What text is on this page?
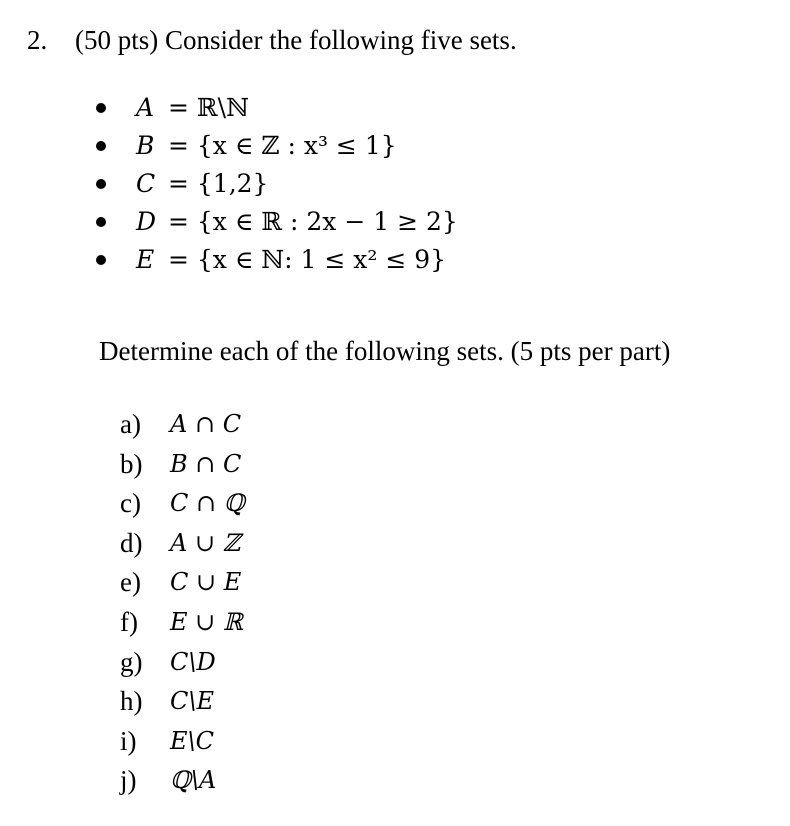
2. (50 pts) Consider the following five sets.
A = ℝ\ℕ
B = {x ∈ ℤ : x³ ≤ 1}
C = {1,2}
D = {x ∈ ℝ : 2x − 1 ≥ 2}
E = {x ∈ ℕ: 1 ≤ x² ≤ 9}
Determine each of the following sets. (5 pts per part)
a) A ∩ C
b) B ∩ C
c) C ∩ ℚ
d) A ∪ ℤ
e) C ∪ E
f) E ∪ ℝ
g) C\D
h) C\E
i) E\C
j) ℚ\A
